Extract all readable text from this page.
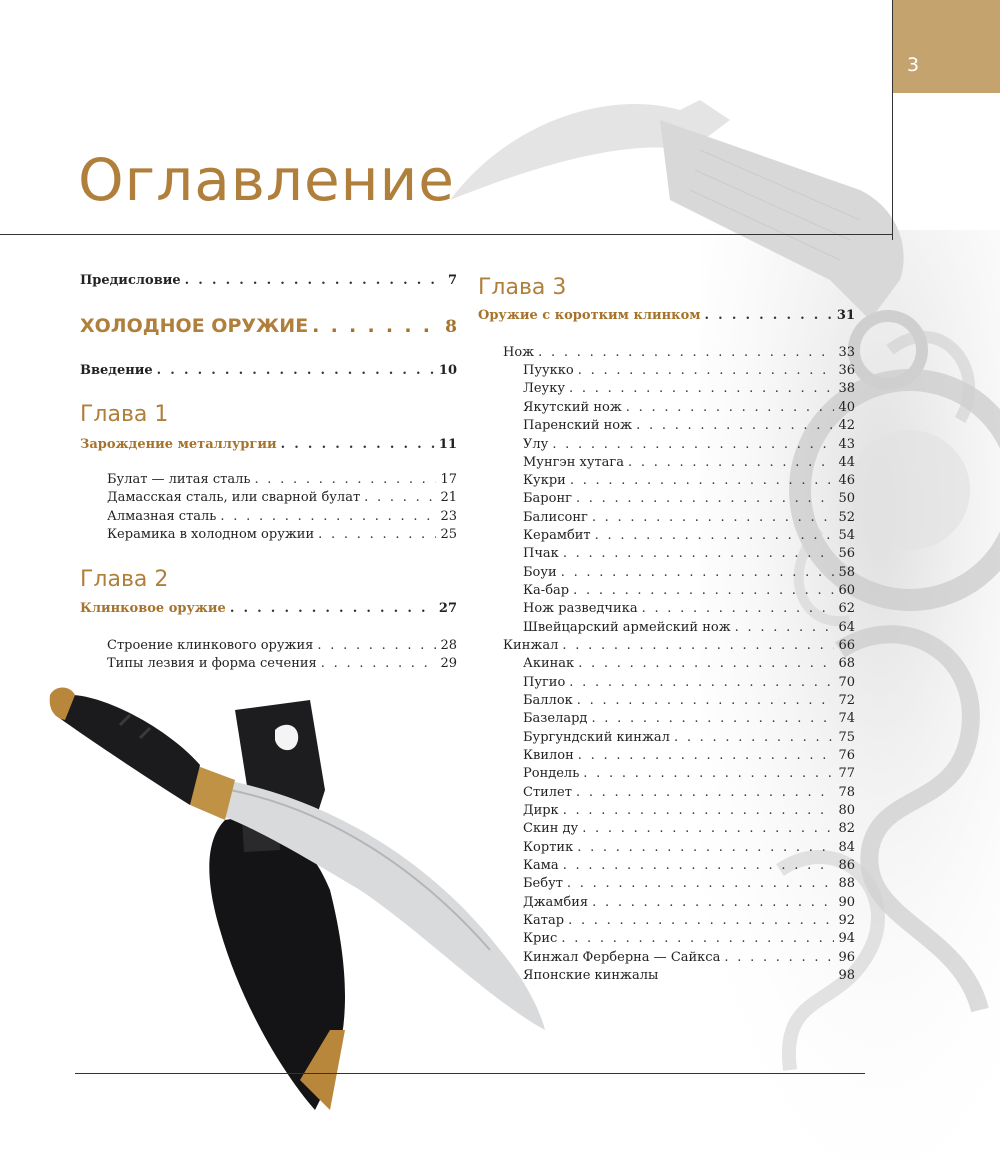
3
Оглавление
Предисловие . . .	7
ХОЛОДНОЕ ОРУЖИЕ . . .	8
Введение . . .	10
Глава 1
Зарождение металлургии . . .	11
Булат — литая сталь . . .	17
Дамасская сталь, или сварной булат . . .	21
Алмазная сталь . . .	23
Керамика в холодном оружии . . .	25
Глава 2
Клинковое оружие . . .	27
Строение клинкового оружия . . .	28
Типы лезвия и форма сечения . . .	29
Глава 3
Оружие с коротким клинком . . .	31
Нож . . .	33
Пуукко . . .	36
Леуку . . .	38
Якутский нож . . .	40
Паренский нож . . .	42
Улу . . .	43
Мунгэн хутага . . .	44
Кукри . . .	46
Баронг . . .	50
Балисонг . . .	52
Керамбит . . .	54
Пчак . . .	56
Боуи . . .	58
Ка-бар . . .	60
Нож разведчика . . .	62
Швейцарский армейский нож . . .	64
Кинжал . . .	66
Акинак . . .	68
Пугио . . .	70
Баллок . . .	72
Базелард . . .	74
Бургундский кинжал . . .	75
Квилон . . .	76
Рондель . . .	77
Стилет . . .	78
Дирк . . .	80
Скин ду . . .	82
Кортик . . .	84
Кама . . .	86
Бебут . . .	88
Джамбия . . .	90
Катар . . .	92
Крис . . .	94
Кинжал Ферберна — Сайкса . . .	96
Японские кинжалы	98
